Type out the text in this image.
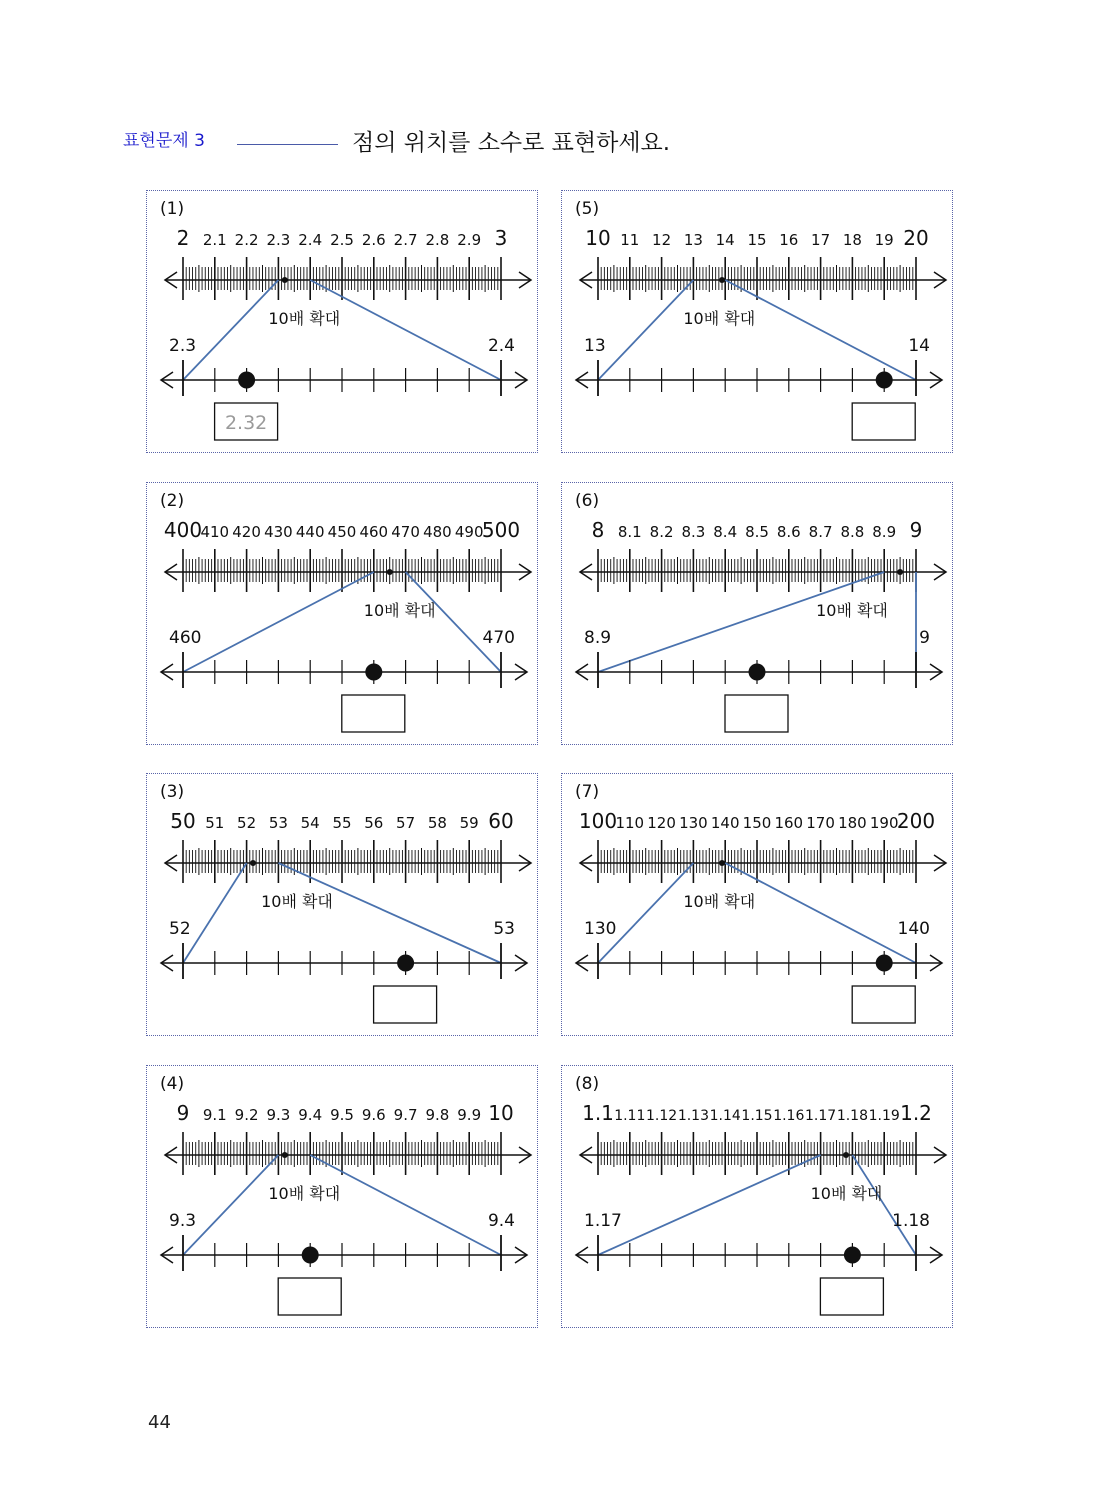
표현문제 3	점의 위치를 소수로 표현하세요.
(1)
2 2.1 2.2 2.3 2.4 2.5 2.6 2.7 2.8 2.9 3
10배 확대
2.3	2.4
2.32
(2)
400
410 420 430 440 450 460 470 480 490
500
10배 확대
460	470
(3)
50 51 52 53 54 55 56 57 58 59 60
10배 확대
52	53
(4)
9 9.1 9.2 9.3 9.4 9.5 9.6 9.7 9.8 9.9 10
10배 확대
9.3	9.4
(5)
10 11 12 13 14 15 16 17 18 19 20
10배 확대
13	14
(6)
8 8.1 8.2 8.3 8.4 8.5 8.6 8.7 8.8 8.9 9
10배 확대
8.9	9
(7)
100
110 120 130 140 150 160 170 180 190
200
10배 확대
130	140
(8)
1.1 1.11 1.12 1.13 1.14 1.15 1.16 1.17 1.18 1.19 1.2
10배 확대
1.17	1.18
44
